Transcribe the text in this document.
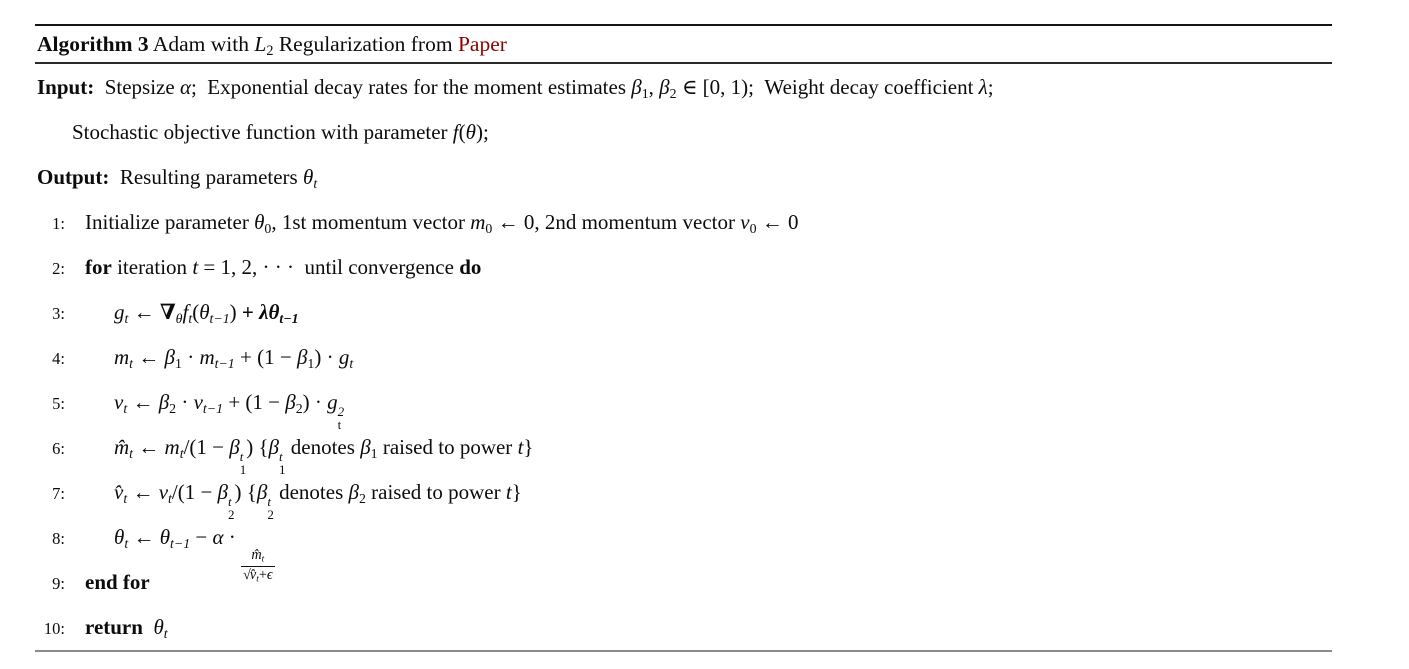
Algorithm 3 Adam with L2 Regularization from Paper
Input:  Stepsize α;  Exponential decay rates for the moment estimates β1, β2 ∈ [0, 1);  Weight decay coefficient λ;
Stochastic objective function with parameter f(θ);
Output:  Resulting parameters θt
1: Initialize parameter θ0, 1st momentum vector m0 ← 0, 2nd momentum vector v0 ← 0
2: for iteration t = 1, 2, · · ·  until convergence do
3: gt ← ∇θft(θt−1) + λθt−1
4: mt ← β1 · mt−1 + (1 − β1) · gt
5: vt ← β2 · vt−1 + (1 − β2) · g 2
t
6: m̂t ← mt/(1 − β t
1
) {β t
1
denotes β1 raised to power t}
7: v̂t ← vt/(1 − β t
2
) {β t
2
denotes β2 raised to power t}
8: θt ← θt−1 − α ·
$\frac{m̂t}{√v̂t+\epsilon}$
9: end for
10: return θt
